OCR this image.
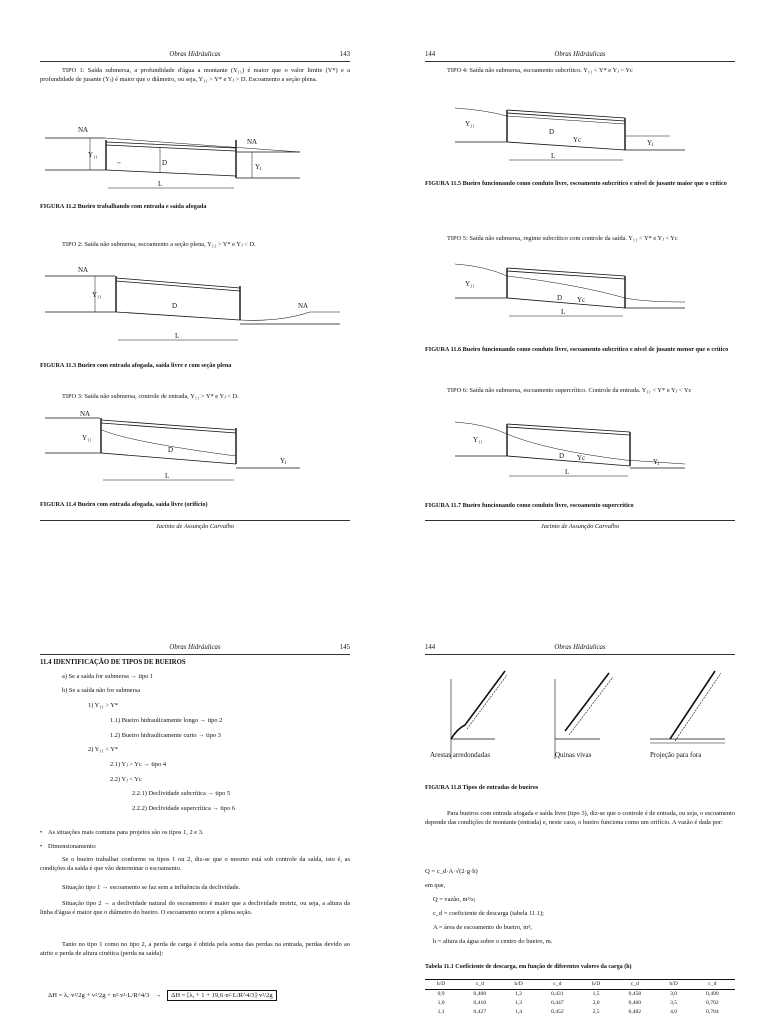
Obras Hidráulicas	143
TIPO 1: Saída submersa, a profundidade d'água a montante (Y₁₁) é maior que o valor limite (Y*) e a profundidade de jusante (Yⱼ) é maior que o diâmetro, ou seja, Y₁₁ > Y* e Yⱼ > D. Escoamento a seção plena.
NA
NA
Y₁₁
D	Yⱼ
→
L
FIGURA 11.2 Bueiro trabalhando com entrada e saída afogada
TIPO 2: Saída não submersa, escoamento a seção plena, Y₁₁ > Y* e Yⱼ < D.
NA
NA
Y₁₁
D
L
FIGURA 11.3 Bueiro com entrada afogada, saída livre e com seção plena
TIPO 3: Saída não submersa, controle de entrada, Y₁₁ > Y* e Yⱼ < D.
NA
Y₁₁
D
Yⱼ
L
FIGURA 11.4 Bueiro com entrada afogada, saída livre (orifício)
Jacinto de Assunção Carvalho
144	Obras Hidráulicas
TIPO 4: Saída não submersa, escoamento subcrítico. Y₁₁ < Y* e Yⱼ > Yc
Y₁₁
D
Yc	Yⱼ
L
FIGURA 11.5 Bueiro funcionando como conduto livre, escoamento subcrítico e nível de jusante maior que o crítico
TIPO 5: Saída não submersa, regime subcrítico com controle da saída. Y₁₁ < Y* e Yⱼ < Yc
Y₁₁
D Yc
L
FIGURA 11.6 Bueiro funcionando como conduto livre, escoamento subcrítico e nível de jusante menor que o crítico
TIPO 6: Saída não submersa, escoamento supercrítico. Controle da entrada. Y₁₁ < Y* e Yⱼ < Yc
Y₁₁
D Yc	Yⱼ
L
FIGURA 11.7 Bueiro funcionando como conduto livre, escoamento supercrítico
Jacinto de Assunção Carvalho
Obras Hidráulicas	145
11.4 IDENTIFICAÇÃO DE TIPOS DE BUEIROS
a) Se a saída for submersa → tipo 1
b) Se a saída não for submersa
1) Y₁₁ > Y*
1.1) Bueiro hidraulicamente longo → tipo 2
1.2) Bueiro hidraulicamente curto → tipo 3
2) Y₁₁ < Y*
2.1) Yⱼ > Yc → tipo 4
2.2) Yⱼ < Yc
2.2.1) Declividade subcrítica → tipo 5
2.2.2) Declividade supercrítica → tipo 6
• As situações mais comuns para projetos são os tipos 1, 2 e 3.
• Dimensionamento:
Se o bueiro trabalhar conforme os tipos 1 ou 2, diz-se que o mesmo está sob controle da saída, isto é, as condições da saída é que vão determinar o escoamento.
Situação tipo 1 → escoamento se faz sem a influência da declividade.
Situação tipo 2 → a declividade natural do escoamento é maior que a declividade motriz, ou seja, a altura da linha d'água é maior que o diâmetro do bueiro. O escoamento ocorre a plena seção.
Tanto no tipo 1 como no tipo 2, a perda de carga é obtida pela soma das perdas na entrada, perdas devido ao atrito e perda de altura cinética (perda na saída):
ΔH = λₑ·v²/2g + v²/2g + n²·v²·L/R^4/3 → ΔH = [λₑ + 1 + 19,6·n²·L/R^4/3]·v²/2g
144	Obras Hidráulicas
Arestas arredondadas	Quinas vivas	Projeção para fora
FIGURA 11.8 Tipos de entradas de bueiros
Para bueiros com entrada afogada e saída livre (tipo 3), diz-se que o controle é de entrada, ou seja, o escoamento depende das condições de montante (entrada) e, neste caso, o bueiro funciona como um orifício. A vazão é dada por:
Q = c_d·A·√(2·g·h)
em que,
Q = vazão, m³/s;
c_d = coeficiente de descarga (tabela 11.1);
A = área de escoamento do bueiro, m²;
h = altura da água sobre o centro do bueiro, m.
Tabela 11.1 Coeficiente de descarga, em função de diferentes valores da carga (h)
h/D	c_d	h/D	c_d	h/D	c_d	h/D	c_d
0,9	0,400	1,2	0,431	1,5	0,458	3,0	0,490
1,0	0,410	1,3	0,447	2,0	0,460	3,5	0,702
1,1	0,427	1,4	0,452	2,5	0,482	4,0	0,704
